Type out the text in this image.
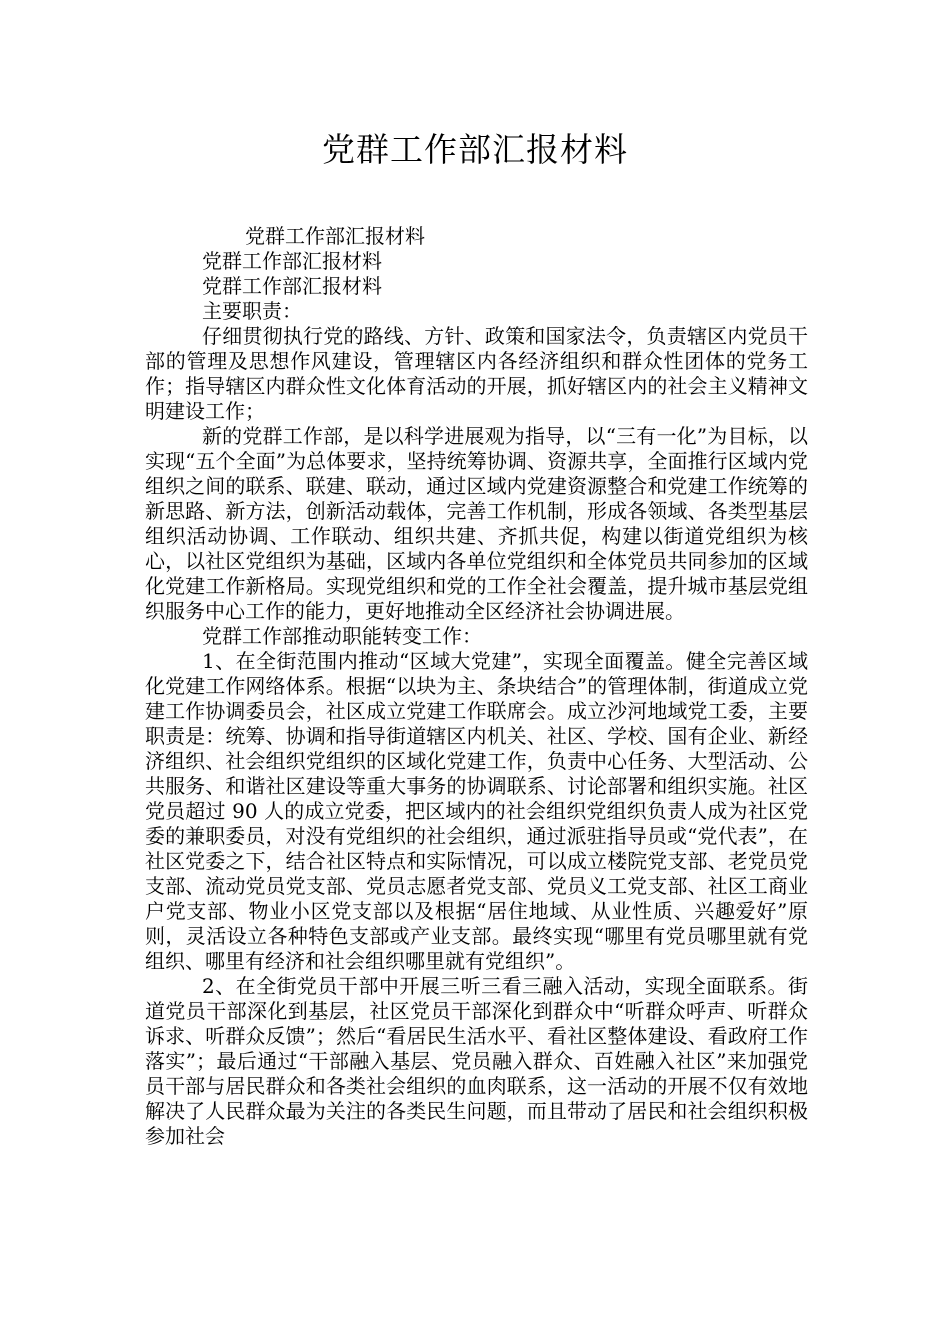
党群工作部汇报材料

党群工作部汇报材料

党群工作部汇报材料

党群工作部汇报材料

主要职责：

仔细贯彻执行党的路线、方针、政策和国家法令，负责辖区内党员干部的管理及思想作风建设，管理辖区内各经济组织和群众性团体的党务工作；指导辖区内群众性文化体育活动的开展，抓好辖区内的社会主义精神文明建设工作；

新的党群工作部，是以科学进展观为指导，以“三有一化”为目标，以实现“五个全面”为总体要求，坚持统筹协调、资源共享，全面推行区域内党组织之间的联系、联建、联动，通过区域内党建资源整合和党建工作统筹的新思路、新方法，创新活动载体，完善工作机制，形成各领域、各类型基层组织活动协调、工作联动、组织共建、齐抓共促，构建以街道党组织为核心，以社区党组织为基础，区域内各单位党组织和全体党员共同参加的区域化党建工作新格局。实现党组织和党的工作全社会覆盖，提升城市基层党组织服务中心工作的能力，更好地推动全区经济社会协调进展。

党群工作部推动职能转变工作：

1、在全街范围内推动“区域大党建”，实现全面覆盖。健全完善区域化党建工作网络体系。根据“以块为主、条块结合”的管理体制，街道成立党建工作协调委员会，社区成立党建工作联席会。成立沙河地域党工委，主要职责是：统筹、协调和指导街道辖区内机关、社区、学校、国有企业、新经济组织、社会组织党组织的区域化党建工作，负责中心任务、大型活动、公共服务、和谐社区建设等重大事务的协调联系、讨论部署和组织实施。社区党员超过 90 人的成立党委，把区域内的社会组织党组织负责人成为社区党委的兼职委员，对没有党组织的社会组织，通过派驻指导员或“党代表”，在社区党委之下，结合社区特点和实际情况，可以成立楼院党支部、老党员党支部、流动党员党支部、党员志愿者党支部、党员义工党支部、社区工商业户党支部、物业小区党支部以及根据“居住地域、从业性质、兴趣爱好”原则，灵活设立各种特色支部或产业支部。最终实现“哪里有党员哪里就有党组织、哪里有经济和社会组织哪里就有党组织”。

2、在全街党员干部中开展三听三看三融入活动，实现全面联系。街道党员干部深化到基层，社区党员干部深化到群众中“听群众呼声、听群众诉求、听群众反馈”；然后“看居民生活水平、看社区整体建设、看政府工作落实”；最后通过“干部融入基层、党员融入群众、百姓融入社区”来加强党员干部与居民群众和各类社会组织的血肉联系，这一活动的开展不仅有效地解决了人民群众最为关注的各类民生问题，而且带动了居民和社会组织积极参加社会
